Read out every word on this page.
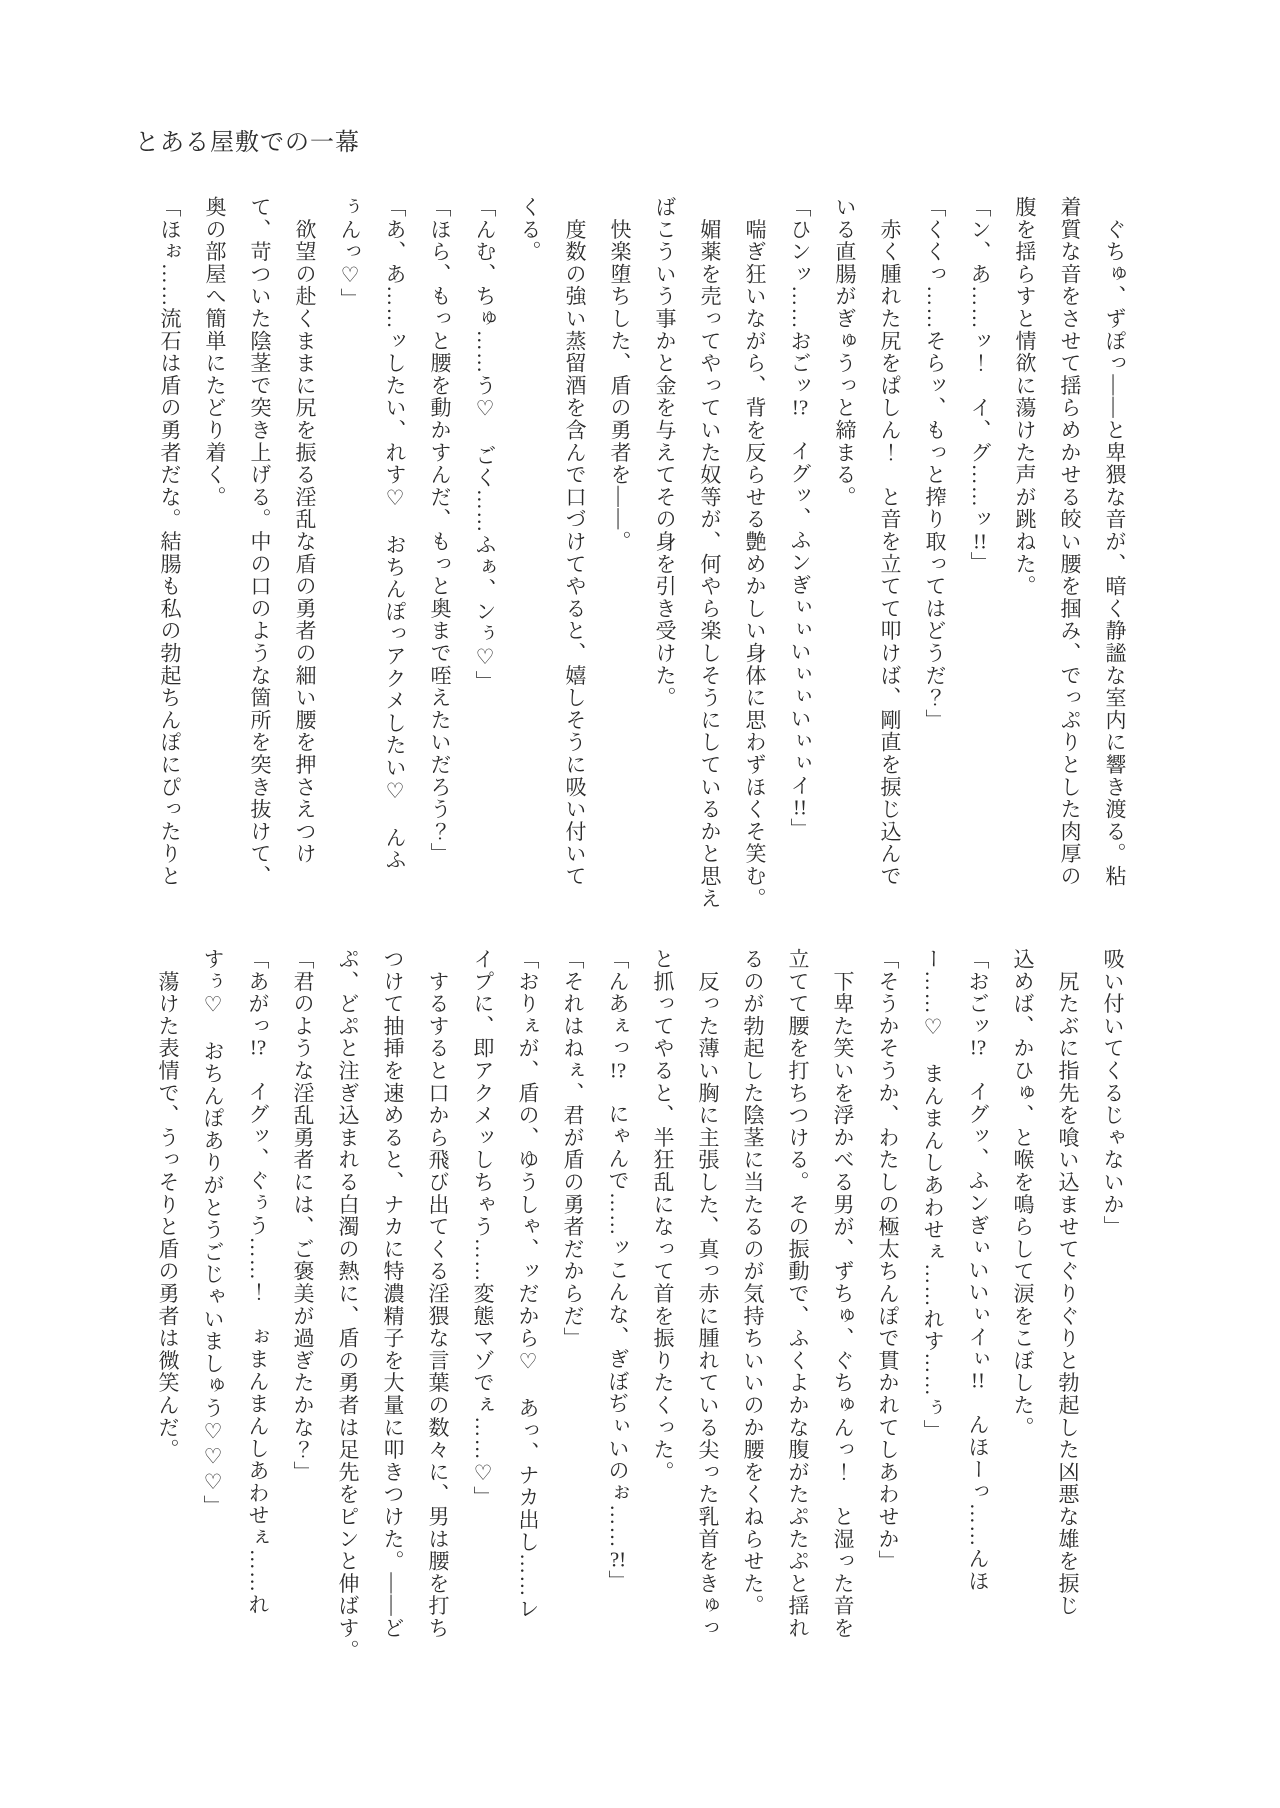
とある屋敷での一幕

　ぐちゅ、ずぽっ――と卑猥な音が、暗く静謐な室内に響き渡る。粘

着質な音をさせて揺らめかせる皎い腰を掴み、でっぷりとした肉厚の

腹を揺らすと情欲に蕩けた声が跳ねた。

「ン、あ……ッ！　イ、グ……ッ!!」

「くくっ……そらッ、もっと搾り取ってはどうだ？」

　赤く腫れた尻をぱしん！　と音を立てて叩けば、剛直を捩じ込んで

いる直腸がぎゅうっと締まる。

「ひンッ……おごッ!?　イグッ、ふンぎぃぃいぃぃいぃぃイ!!」

　喘ぎ狂いながら、背を反らせる艶めかしい身体に思わずほくそ笑む。

　媚薬を売ってやっていた奴等が、何やら楽しそうにしているかと思え

ばこういう事かと金を与えてその身を引き受けた。

　快楽堕ちした、盾の勇者を――。

　度数の強い蒸留酒を含んで口づけてやると、嬉しそうに吸い付いて

くる。

「んむ、ちゅ……う♡　ごく……ふぁ、ンぅ♡」

「ほら、もっと腰を動かすんだ、もっと奥まで咥えたいだろう？」

「あ、あ……ッしたい、れす♡　おちんぽっアクメしたい♡　んふ

ぅんっ♡」

　欲望の赴くままに尻を振る淫乱な盾の勇者の細い腰を押さえつけ

て、苛ついた陰茎で突き上げる。中の口のような箇所を突き抜けて、

奥の部屋へ簡単にたどり着く。

「ほぉ……流石は盾の勇者だな。結腸も私の勃起ちんぽにぴったりと

吸い付いてくるじゃないか」

　尻たぶに指先を喰い込ませてぐりぐりと勃起した凶悪な雄を捩じ

込めば、かひゅ、と喉を鳴らして涙をこぼした。

「おごッ!?　イグッ、ふンぎぃいいぃイぃ!!　んほーっ……んほ

ー……♡　まんまんしあわせぇ……れす……ぅ」

「そうかそうか、わたしの極太ちんぽで貫かれてしあわせか」

　下卑た笑いを浮かべる男が、ずちゅ、ぐちゅんっ！　と湿った音を

立てて腰を打ちつける。その振動で、ふくよかな腹がたぷたぷと揺れ

るのが勃起した陰茎に当たるのが気持ちいいのか腰をくねらせた。

　反った薄い胸に主張した、真っ赤に腫れている尖った乳首をきゅっ

と抓ってやると、半狂乱になって首を振りたくった。

「んあぇっ!?　にゃんで……ッこんな、ぎぼぢぃいのぉ……?!」

「それはねぇ、君が盾の勇者だからだ」

「おりぇが、盾の、ゆうしゃ、ッだから♡　あっ、ナカ出し……レ

イプに、即アクメッしちゃう……変態マゾでぇ……♡」

　するすると口から飛び出てくる淫猥な言葉の数々に、男は腰を打ち

つけて抽挿を速めると、ナカに特濃精子を大量に叩きつけた。――ど

ぷ、どぷと注ぎ込まれる白濁の熱に、盾の勇者は足先をピンと伸ばす。

「君のような淫乱勇者には、ご褒美が過ぎたかな？」

「あがっ!?　イグッ、ぐぅう……！　ぉまんまんしあわせぇ……れ

すぅ♡　おちんぽありがとうごじゃいましゅう♡♡♡」

　蕩けた表情で、うっそりと盾の勇者は微笑んだ。
